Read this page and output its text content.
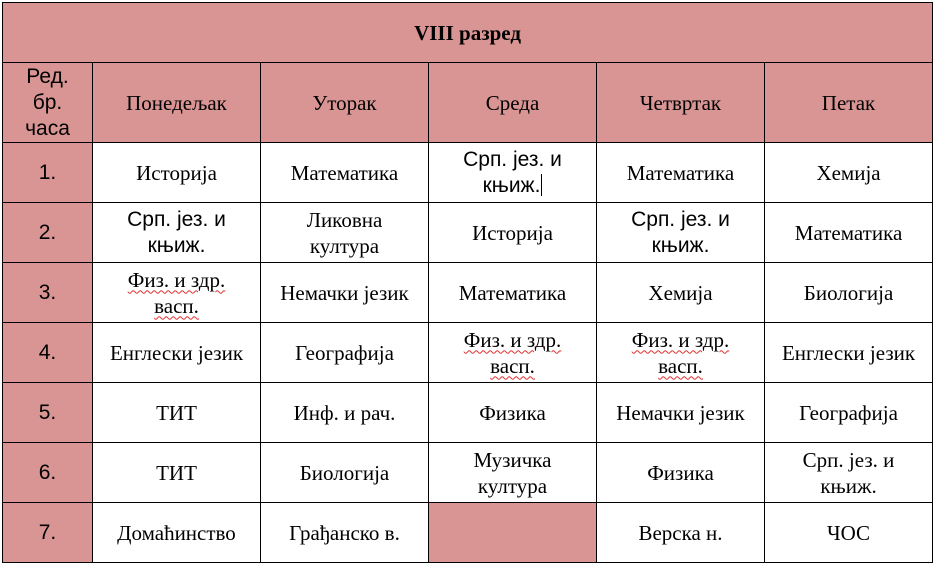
VIII разред					
Ред.
бр.
часа	Понедељак	Уторак	Среда	Четвртак	Петак
1.	Историја	Математика	Срп. јез. и
књиж.	Математика	Хемија
2.	Срп. јез. и
књиж.	Ликовна
култура	Историја	Срп. јез. и
књиж.	Математика
3.	Физ. и здр.
васп.	Немачки језик	Математика	Хемија	Биологија
4.	Енглески језик	Географија	Физ. и здр.
васп.	Физ. и здр.
васп.	Енглески језик
5.	ТИТ	Инф. и рач.	Физика	Немачки језик	Географија
6.	ТИТ	Биологија	Музичка
култура	Физика	Срп. јез. и
књиж.
7.	Домаћинство	Грађанско в.		Верска н.	ЧОС
